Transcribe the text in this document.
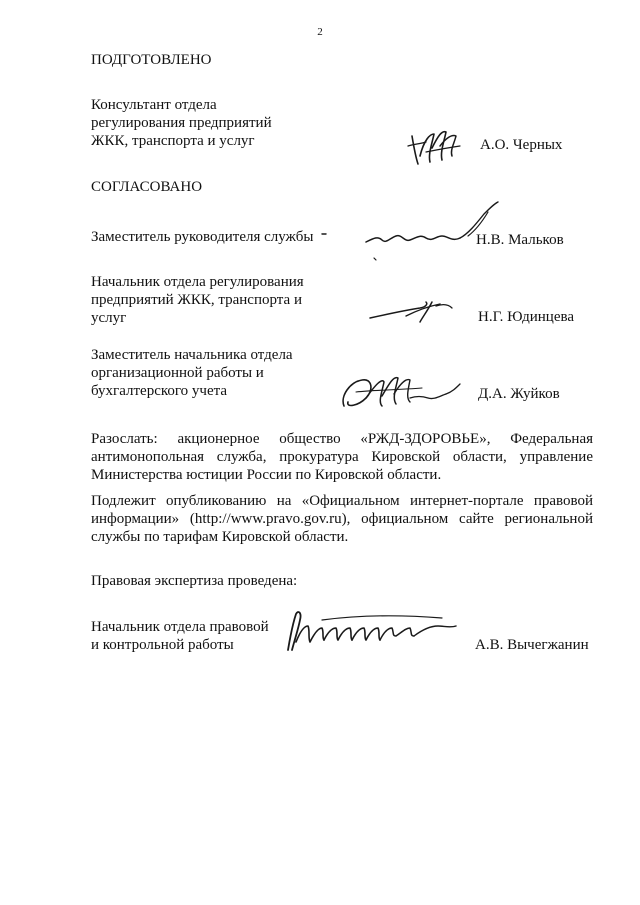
2
ПОДГОТОВЛЕНО
Консультант отдела
регулирования предприятий
ЖКК, транспорта и услуг	А.О. Черных
СОГЛАСОВАНО
Заместитель руководителя службы	Н.В. Мальков
Начальник отдела регулирования
предприятий ЖКК, транспорта и
услуг	Н.Г. Юдинцева
Заместитель начальника отдела
организационной работы и
бухгалтерского учета	Д.А. Жуйков
Разослать: акционерное общество «РЖД-ЗДОРОВЬЕ», Федеральная антимонопольная служба, прокуратура Кировской области, управление Министерства юстиции России по Кировской области.
Подлежит опубликованию на «Официальном интернет-портале правовой информации» (http://www.pravo.gov.ru), официальном сайте региональной службы по тарифам Кировской области.
Правовая экспертиза проведена:
Начальник отдела правовой
и контрольной работы	А.В. Вычегжанин
